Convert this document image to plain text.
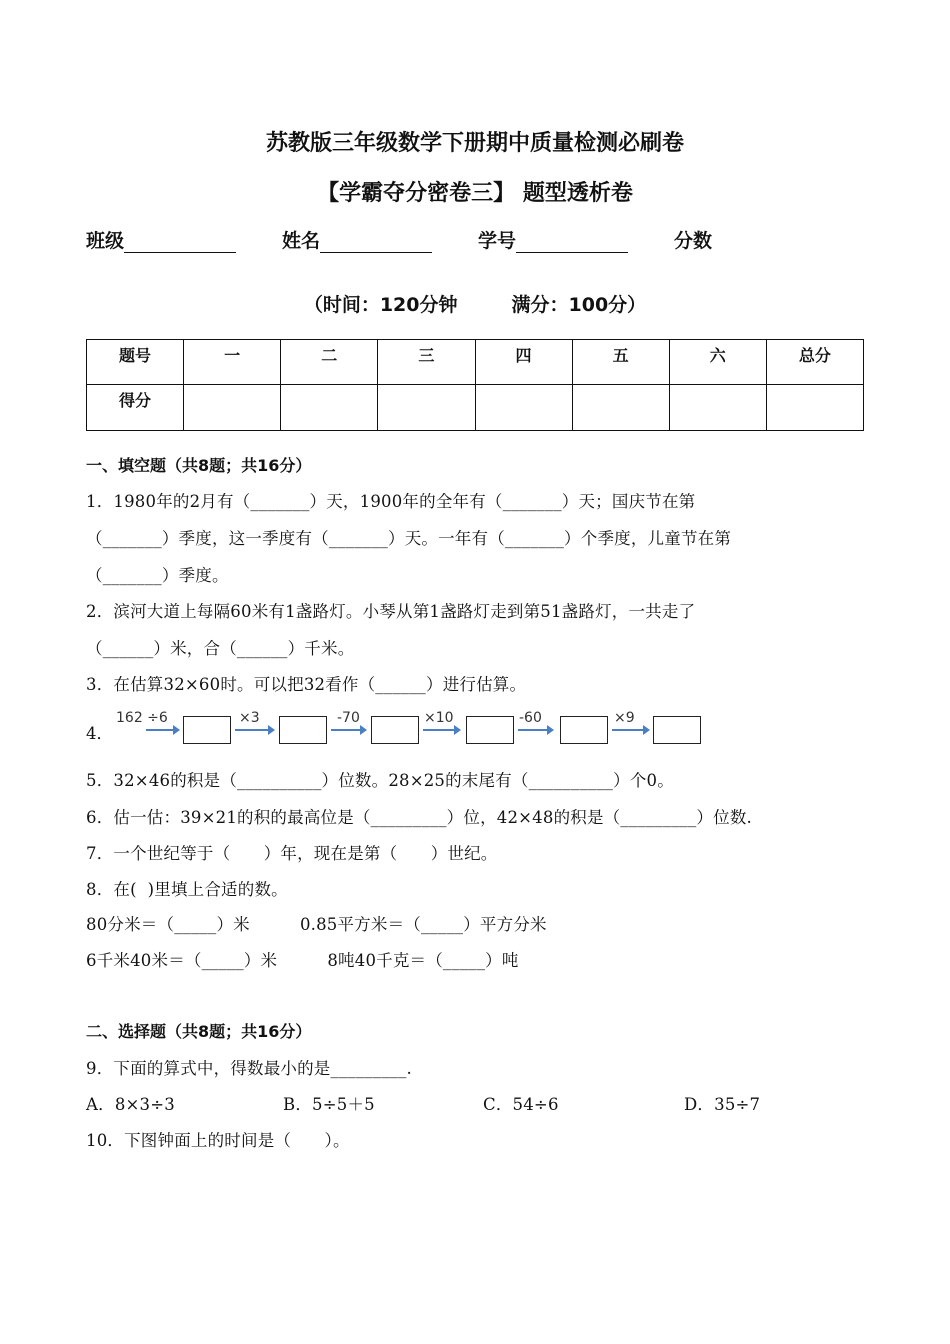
苏教版三年级数学下册期中质量检测必刷卷
【学霸夺分密卷三】 题型透析卷
班级	姓名	学号	分数
（时间：120分钟	满分：100分）
题号	一	二	三	四	五	六	总分
得分							
一、填空题（共8题；共16分）
1．1980年的2月有（_______）天，1900年的全年有（_______）天；国庆节在第
（_______）季度，这一季度有（_______）天。一年有（_______）个季度，儿童节在第
（_______）季度。
2．滨河大道上每隔60米有1盏路灯。小琴从第1盏路灯走到第51盏路灯，一共走了
（______）米，合（______）千米。
3．在估算32×60时。可以把32看作（______）进行估算。
4．
162 ÷6	×3	-70	×10	-60	×9
5．32×46的积是（__________）位数。28×25的末尾有（__________）个0。
6．估一估：39×21的积的最高位是（_________）位，42×48的积是（_________）位数.
7．一个世纪等于（　　）年，现在是第（　　）世纪。
8．在(  )里填上合适的数。
80分米＝（_____）米　　　0.85平方米＝（_____）平方分米
6千米40米＝（_____）米　　　8吨40千克＝（_____）吨
二、选择题（共8题；共16分）
9．下面的算式中，得数最小的是_________.
A．8×3÷3	B．5÷5＋5	C．54÷6	D．35÷7
10．下图钟面上的时间是（　　）。
